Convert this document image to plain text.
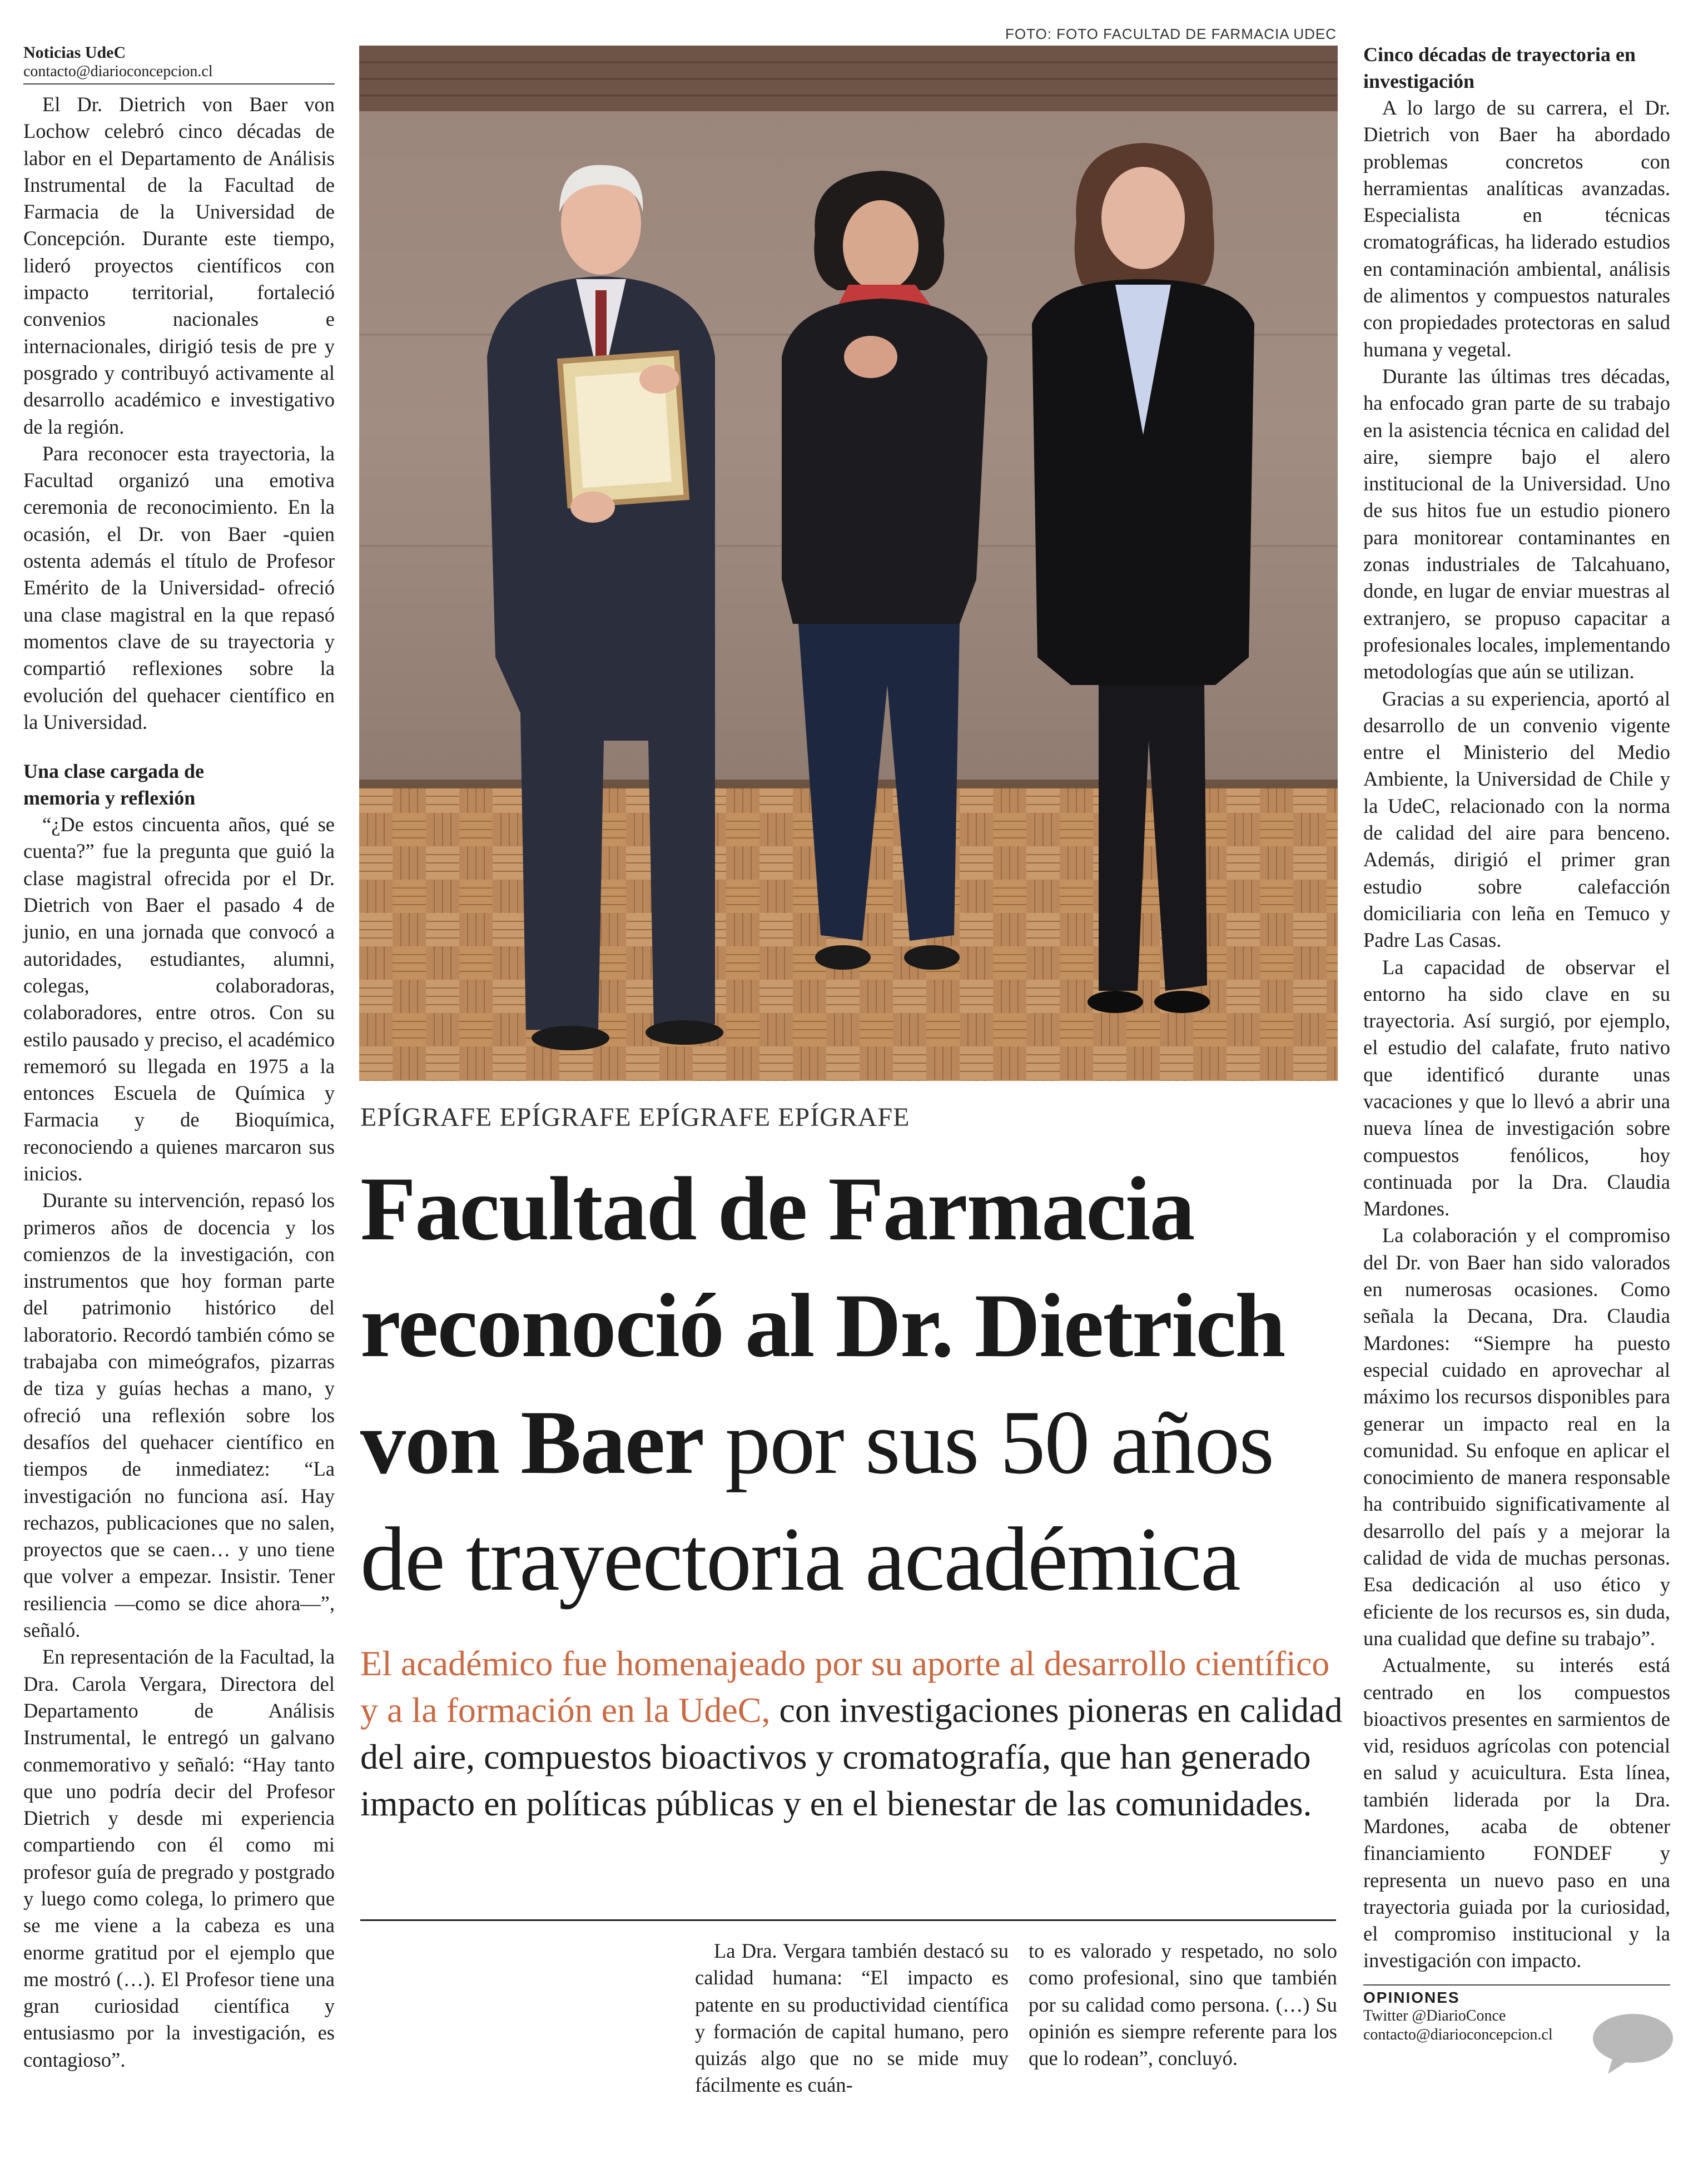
Noticias UdeC
contacto@diarioconcepcion.cl

El Dr. Dietrich von Baer von Lochow celebró cinco décadas de labor en el Departamento de Análisis Instrumental de la Facultad de Farmacia de la Universidad de Concepción. Durante este tiempo, lideró proyectos científicos con impacto territorial, fortaleció convenios nacionales e internacionales, dirigió tesis de pre y posgrado y contribuyó activamente al desarrollo académico e investigativo de la región.

Para reconocer esta trayectoria, la Facultad organizó una emotiva ceremonia de reconocimiento. En la ocasión, el Dr. von Baer -quien ostenta además el título de Profesor Emérito de la Universidad- ofreció una clase magistral en la que repasó momentos clave de su trayectoria y compartió reflexiones sobre la evolución del quehacer científico en la Universidad.

Una clase cargada de memoria y reflexión

“¿De estos cincuenta años, qué se cuenta?” fue la pregunta que guió la clase magistral ofrecida por el Dr. Dietrich von Baer el pasado 4 de junio, en una jornada que convocó a autoridades, estudiantes, alumni, colegas, colaboradoras, colaboradores, entre otros. Con su estilo pausado y preciso, el académico rememoró su llegada en 1975 a la entonces Escuela de Química y Farmacia y de Bioquímica, reconociendo a quienes marcaron sus inicios.

Durante su intervención, repasó los primeros años de docencia y los comienzos de la investigación, con instrumentos que hoy forman parte del patrimonio histórico del laboratorio. Recordó también cómo se trabajaba con mimeógrafos, pizarras de tiza y guías hechas a mano, y ofreció una reflexión sobre los desafíos del quehacer científico en tiempos de inmediatez: “La investigación no funciona así. Hay rechazos, publicaciones que no salen, proyectos que se caen… y uno tiene que volver a empezar. Insistir. Tener resiliencia —como se dice ahora—”, señaló.

En representación de la Facultad, la Dra. Carola Vergara, Directora del Departamento de Análisis Instrumental, le entregó un galvano conmemorativo y señaló: “Hay tanto que uno podría decir del Profesor Dietrich y desde mi experiencia compartiendo con él como mi profesor guía de pregrado y postgrado y luego como colega, lo primero que se me viene a la cabeza es una enorme gratitud por el ejemplo que me mostró (…). El Profesor tiene una gran curiosidad científica y entusiasmo por la investigación, es contagioso”.

FOTO: FOTO FACULTAD DE FARMACIA UDEC
EPÍGRAFE EPÍGRAFE EPÍGRAFE EPÍGRAFE
Facultad de Farmacia reconoció al Dr. Dietrich von Baer por sus 50 años de trayectoria académica
El académico fue homenajeado por su aporte al desarrollo científico y a la formación en la UdeC, con investigaciones pioneras en calidad del aire, compuestos bioactivos y cromatografía, que han generado impacto en políticas públicas y en el bienestar de las comunidades.

La Dra. Vergara también destacó su calidad humana: “El impacto es patente en su productividad científica y formación de capital humano, pero quizás algo que no se mide muy fácilmente es cuán-

to es valorado y respetado, no solo como profesional, sino que también por su calidad como persona. (…) Su opinión es siempre referente para los que lo rodean”, concluyó.

Cinco décadas de trayectoria en investigación

A lo largo de su carrera, el Dr. Dietrich von Baer ha abordado problemas concretos con herramientas analíticas avanzadas. Especialista en técnicas cromatográficas, ha liderado estudios en contaminación ambiental, análisis de alimentos y compuestos naturales con propiedades protectoras en salud humana y vegetal.

Durante las últimas tres décadas, ha enfocado gran parte de su trabajo en la asistencia técnica en calidad del aire, siempre bajo el alero institucional de la Universidad. Uno de sus hitos fue un estudio pionero para monitorear contaminantes en zonas industriales de Talcahuano, donde, en lugar de enviar muestras al extranjero, se propuso capacitar a profesionales locales, implementando metodologías que aún se utilizan.

Gracias a su experiencia, aportó al desarrollo de un convenio vigente entre el Ministerio del Medio Ambiente, la Universidad de Chile y la UdeC, relacionado con la norma de calidad del aire para benceno. Además, dirigió el primer gran estudio sobre calefacción domiciliaria con leña en Temuco y Padre Las Casas.

La capacidad de observar el entorno ha sido clave en su trayectoria. Así surgió, por ejemplo, el estudio del calafate, fruto nativo que identificó durante unas vacaciones y que lo llevó a abrir una nueva línea de investigación sobre compuestos fenólicos, hoy continuada por la Dra. Claudia Mardones.

La colaboración y el compromiso del Dr. von Baer han sido valorados en numerosas ocasiones. Como señala la Decana, Dra. Claudia Mardones: “Siempre ha puesto especial cuidado en aprovechar al máximo los recursos disponibles para generar un impacto real en la comunidad. Su enfoque en aplicar el conocimiento de manera responsable ha contribuido significativamente al desarrollo del país y a mejorar la calidad de vida de muchas personas. Esa dedicación al uso ético y eficiente de los recursos es, sin duda, una cualidad que define su trabajo”.

Actualmente, su interés está centrado en los compuestos bioactivos presentes en sarmientos de vid, residuos agrícolas con potencial en salud y acuicultura. Esta línea, también liderada por la Dra. Mardones, acaba de obtener financiamiento FONDEF y representa un nuevo paso en una trayectoria guiada por la curiosidad, el compromiso institucional y la investigación con impacto.

OPINIONES
Twitter @DiarioConce
contacto@diarioconcepcion.cl
